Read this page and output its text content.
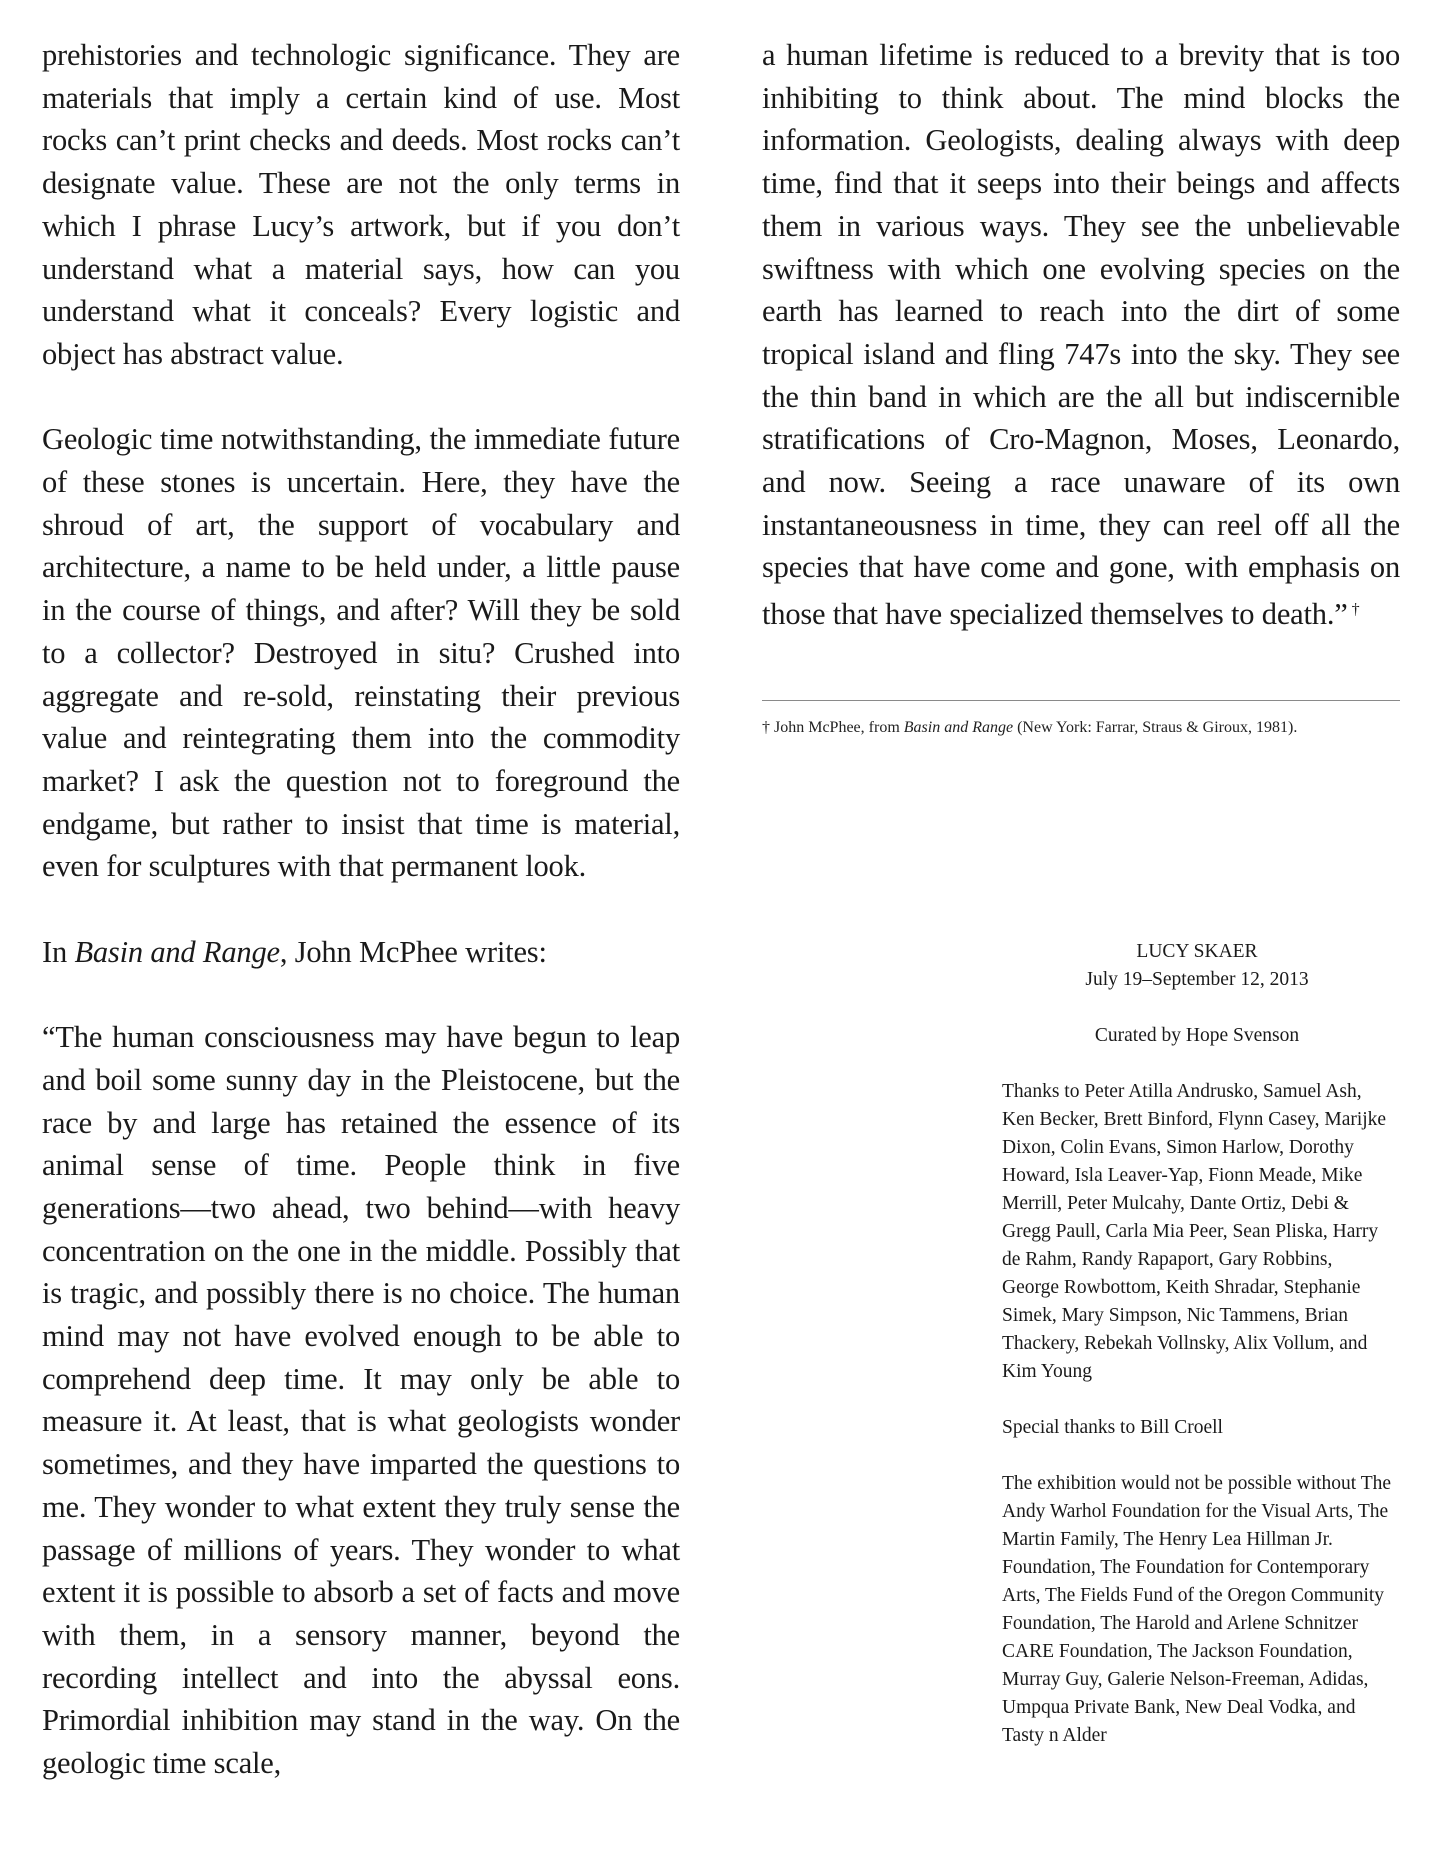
prehistories and technologic significance. They are materials that imply a certain kind of use. Most rocks can’t print checks and deeds. Most rocks can’t designate value. These are not the only terms in which I phrase Lucy’s artwork, but if you don’t understand what a material says, how can you understand what it conceals? Every logistic and object has abstract value.

Geologic time notwithstanding, the immediate future of these stones is uncertain. Here, they have the shroud of art, the support of vocabulary and architecture, a name to be held under, a little pause in the course of things, and after? Will they be sold to a collector? Destroyed in situ? Crushed into aggregate and re-sold, reinstating their previous value and reintegrating them into the commodity market? I ask the question not to foreground the endgame, but rather to insist that time is material, even for sculptures with that permanent look.

In Basin and Range, John McPhee writes:

“The human consciousness may have begun to leap and boil some sunny day in the Pleistocene, but the race by and large has retained the essence of its animal sense of time. People think in five generations—two ahead, two behind—with heavy concentration on the one in the middle. Possibly that is tragic, and possibly there is no choice. The human mind may not have evolved enough to be able to comprehend deep time. It may only be able to measure it. At least, that is what geologists wonder sometimes, and they have imparted the questions to me. They wonder to what extent they truly sense the passage of millions of years. They wonder to what extent it is possible to absorb a set of facts and move with them, in a sensory manner, beyond the recording intellect and into the abyssal eons. Primordial inhibition may stand in the way. On the geologic time scale,

a human lifetime is reduced to a brevity that is too inhibiting to think about. The mind blocks the information. Geologists, dealing always with deep time, find that it seeps into their beings and affects them in various ways. They see the unbelievable swiftness with which one evolving species on the earth has learned to reach into the dirt of some tropical island and fling 747s into the sky. They see the thin band in which are the all but indiscernible stratifications of Cro-Magnon, Moses, Leonardo, and now. Seeing a race unaware of its own instantaneousness in time, they can reel off all the species that have come and gone, with emphasis on those that have specialized themselves to death.” †

† John McPhee, from Basin and Range (New York: Farrar, Straus & Giroux, 1981).

LUCY SKAER

July 19–September 12, 2013

Curated by Hope Svenson

Thanks to Peter Atilla Andrusko, Samuel Ash, Ken Becker, Brett Binford, Flynn Casey, Marijke Dixon, Colin Evans, Simon Harlow, Dorothy Howard, Isla Leaver-Yap, Fionn Meade, Mike Merrill, Peter Mulcahy, Dante Ortiz, Debi & Gregg Paull, Carla Mia Peer, Sean Pliska, Harry de Rahm, Randy Rapaport, Gary Robbins, George Rowbottom, Keith Shradar, Stephanie Simek, Mary Simpson, Nic Tammens, Brian Thackery, Rebekah Vollnsky, Alix Vollum, and Kim Young

Special thanks to Bill Croell

The exhibition would not be possible without The Andy Warhol Foundation for the Visual Arts, The Martin Family, The Henry Lea Hillman Jr. Foundation, The Foundation for Contemporary Arts, The Fields Fund of the Oregon Community Foundation, The Harold and Arlene Schnitzer CARE Foundation, The Jackson Foundation, Murray Guy, Galerie Nelson-Freeman, Adidas, Umpqua Private Bank, New Deal Vodka, and Tasty n Alder
